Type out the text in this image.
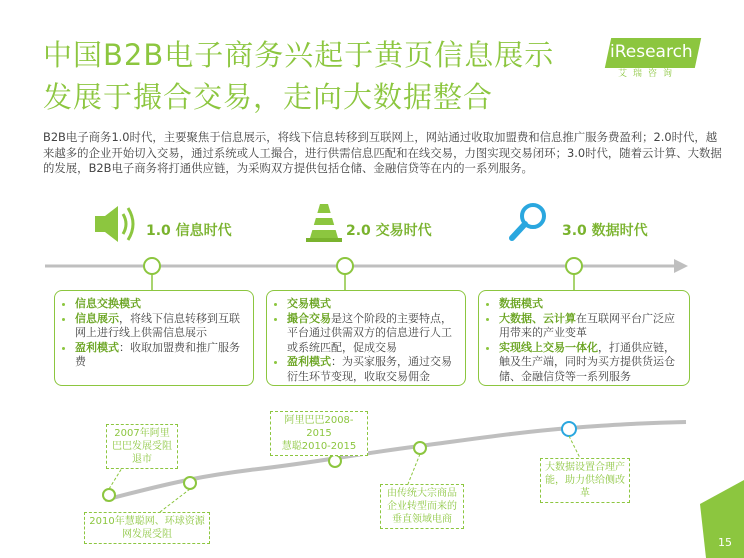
中国B2B电子商务兴起于黄页信息展示
发展于撮合交易，走向大数据整合
iResearch
艾瑞咨询

B2B电子商务1.0时代，主要聚焦于信息展示，将线下信息转移到互联网上，网站通过收取加盟费和信息推广服务费盈利；2.0时代，越来越多的企业开始切入交易，通过系统或人工撮合，进行供需信息匹配和在线交易，力图实现交易闭环；3.0时代，随着云计算、大数据的发展，B2B电子商务将打通供应链，为采购双方提供包括仓储、金融信贷等在内的一系列服务。

1.0 信息时代	2.0 交易时代	3.0 数据时代
• 信息交换模式
• 信息展示，将线下信息转移到互联网上进行线上供需信息展示
• 盈利模式：收取加盟费和推广服务费
• 交易模式
• 撮合交易是这个阶段的主要特点，平台通过供需双方的信息进行人工或系统匹配，促成交易
• 盈利模式：为买家服务，通过交易衍生环节变现，收取交易佣金
• 数据模式
• 大数据、云计算在互联网平台广泛应用带来的产业变革
• 实现线上交易一体化，打通供应链，触及生产端，同时为买方提供货运仓储、金融信贷等一系列服务
2007年阿里巴巴发展受阻退市
2010年慧聪网、环球资源网发展受阻
阿里巴巴2008-2015
慧聪2010-2015
由传统大宗商品企业转型而来的垂直领域电商
大数据设置合理产能，助力供给侧改革
15
